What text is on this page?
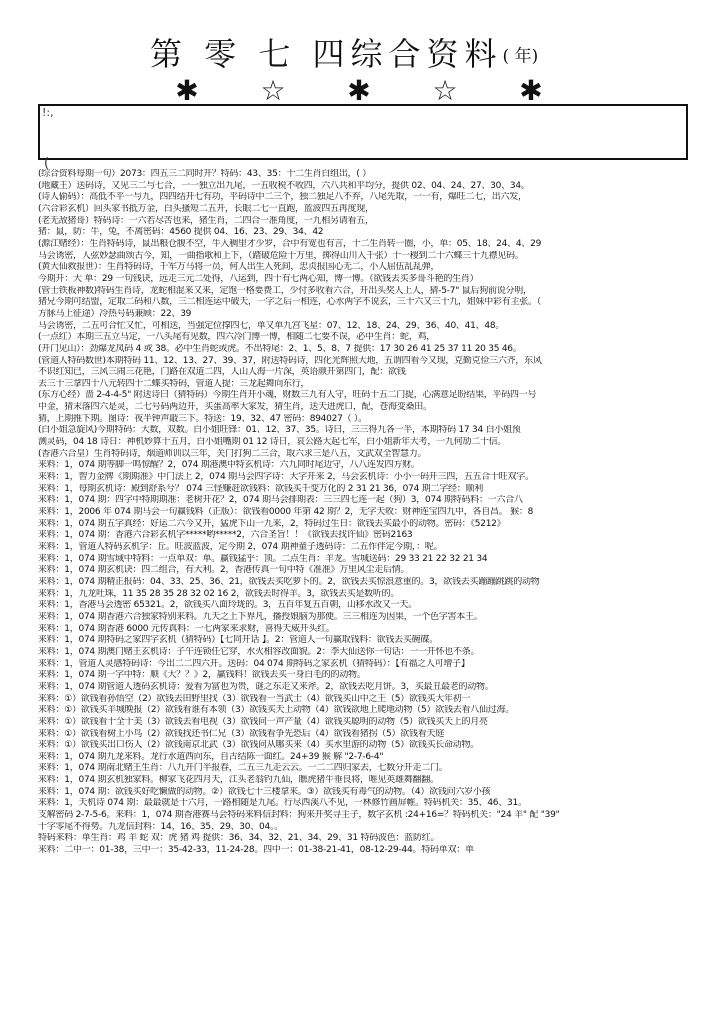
第 零 七 四综合资料( 年)
✱ ☆ ✱ ☆ ✱
!:,
(
(综合资料每期一句）2073：四五三二同时开？特码：43、35：十二生肖白组出，( ）
(地藏王）送码诗，又见三二与七合，一一独立出九尾，一五收税不收四，六八共和平均分，提供 02、04、24、27、30、34。
(诗人偷码）：高低不平一与九，四四结开七有功，平码诗中二三个，独二独足八不弃，八尾先取，一一有，爆旺二七，出六发，
(六合彩玄机）回头家书抵万金，白头搔短二五开，长眼二七一直跑，蓝波四五再度现，
(老无敌猪哥）特码诗：一六若尽苦也来，猪生肖，二四合一准角度，一九相另请看五，
猪：鼠，防：牛，兔，不离密码：4560 提供 04、16、23、29、34、42
(源江赌经）：生肖特码诗，鼠出粮仓腹不空，牛入稠里才少罗，合中有宽也有言，十二生肖转一圈，小，单：05、18、24、4、29
马会诱密，人弦妙瑟曲颂古今，知，一曲指歌和上下，（踏破危险十万里，掷得山川入千张）十一稷到二十六蝶三十九襟见码。
(黄大仙救报世）：生肖特码诗，千军万马将一员，何人出生入死间，忠贞报国心无二，小人屈伍乱乱弹，
今期开：大 单：29 一句钱诀，远走三元二处得，八运到，四十有七两心知，博一博。（欲钱去买多哥斗艳的生肖）
(管士铁板神数)特码生肖诗，龙蛇相混来又来，定饱一格要费工，少付多收看六合，开出头奖人上人，猜-5-7" 鼠后狗前说分明，
猪兄今期可结盟，定取二码和八数，三二相连运中破天，一字之后一相连，心水两字不说玄，三十六又三十九，姐妹中彩有主张。（
方脉马上征途）冷热号码兼顾：22、39
马会诱密，二五可合忙又忙，可相送，当强定位撑四七，单又单九宫飞星：07、12、18、24、29、36、40、41、48。
(一点红）本期三五立马定，一八头尾有见数，四六冷门博一博，相随二七要不误，必中生肖：蛇，鸡，
(开门见山）：劲爆龙凤码 4 或 38。必中生肖蛇或虎。不出特尾：2、1、5、8、7 提供：17 30 26 41 25 37 11 20 35 46。
(管道人特码数世)本期特码 11、12、13、27、39、37，附送特码诗，四化光辉照大地，五谓四看今又现，克勤克俭三六齐，东风
不识红知已，三风三闹三花艳，门路在双道二四，人山人海一片深，英语颜开第四门，配：欲钱
去三十三拿四十八元转四十二蝶买特码，管道人提：三龙起舞向东行，
(东方心经）啬 2-4-4-5" 附送诗曰（猜特码）今期生肖开小魂，财数三九有人守，旺码十五二门捉，心满意足盼结果，平码四一号
中金，猜末落四六是灵，二七号码两边开，买蛋高率大家发，猜生肖，送天进虎口，配，苍海变桑田。
猜，上期推下期。图诗：夜半钟声敲三下。特送：19、32、47 密码：894027（ ）。
(白小姐急旋风)今期特码：大数，双数。白小姐旺锋：01、12、37、35。诗曰，三三得九各一半，本期特码 17 34 白小姐预
测灵码，04 18 诗日：神机妙算十五月，白小姐嘴期 01 12 诗日，哀公路大起七军，白小姐新年大考，一九何劢二十信。
(香港六合皇）生肖特码诗，烟道师训以三年，关门打狗二三合，取六求三是八五，文武双全智慧力。
来料：1，074 期等脚一鸣惊醒？2，074 期港澳中特玄机诗：六九同时尾边守，八八连发四方财。
来料：1，智力金牌《期期准》中门法上 2，074 期马会四字诗：大字开来 2，马会玄机诗：小小一码开三四，五五合十旺双字。
来料：1，每期玄机诗：殿到舒系兮？ 074 三怪赚赶欲钱料：欲钱买千变万化的 2 31 21 36，074 期二字经：顺利
来料：1，074 期：四字中特期期准：老树开花？2，074 期马会排期表：三三四七连一起（狗）3，074 期特码料：一六合八
来料：1，2006 年 074 期马会一句赢钱料（正版）：欲钱看0000 年第 42 期？2，无字天收：财神连宝四九中，各自昌。 猴：8
来料：1，074 期五字真经：好运二六今又开，猛虎下山一九来，2，特码过生日：欲钱去买最小的动物。密码：《5212》
来料：1，074 期：香港六合彩玄机字*****哟*****2，六合圣旨！！《欲钱去找许仙》密码2163
来料：1，管道人特码玄机字：丘。旺波蓝波，定今期 2，074 期神童子透码诗：二五作伴定今期，：呢。
来料：1，074 期雪域中特料：一点单双：单。赢钱猛乎：顶。二点生肖：羊龙。雪城送码：29 33 21 22 32 21 34
来料：1，074 期玄机诀：四二组合，有大利。2，香港传真一句中特《准准》万里风尘走后情。
来料：1，074 期精正报码：04、33、25、36、21，欲钱去买吃萝卜的。2，欲钱去买惊浪意重的。3，欲钱去买蹦蹦跳跳的动物
来料：1，九龙吐珠，11 35 28 35 28 32 02 16 2，欲钱去时得羊。3，欲钱去买是数听的。
来料：1，香港马会透密 65321。2，欲钱买八面玲珑的。3，五百年复五百朝，山移水改又一天。
来料：1，074 期香港六合独家特别来料。九天之上下界凡，播授娘脑为那便。三三相连为因果，一个色字害本王。
来料：1，074 期香港 6000 元传真料：一七两家来求财，喜得天威开头红。
来料：1，074 期特码之家四字玄机（猜特码）【七同开话 】。2：管道人一句赢取钱料：欲钱去买碗碟。
来料：1，074 期澳门赌王玄机诗：子午连锁任它穿，水火相容改面貌。2：李大仙送你一句话：一一开怀也不条。
来料：1，管道人灵感特码诗：今出二二四六开。送码：04 074 期特码之家玄机（猜特码）：【有福之人可增子】
来料：1，074 期一字中特：顺《大？？》2，赢钱料！欲钱去买一身白毛的的动物。
来料：1，074 期管道人透码玄机诗：爱看为富也为贵，谜之东走又来斧。2，欲钱去吃月饼。3，买最丑最老的动物。
来料：①）欲钱看孙悟空（2）欲钱去田野里找（3）欲钱看一当武士（4）欲钱买山中之王（5）欲钱买大年初一
来料：①）欲钱买羊城晚报（2）欲钱看谁有本领（3）欲钱买天上动物（4）欲钱欲地上爬地动物（5）欲钱去看八仙过海。
来料：①）欲钱看十全十美（3）欲钱去看电视（3）欲钱问一声产量（4）欲钱买聪明的动物（5）欲钱买天上的月亮
来料：①）欲钱看树上小鸟（2）欲钱找还书仁兄（3）欲钱看争先恐后（4）欲钱看猪拐（5）欲钱看天庭
来料：①）欲钱买出口伤人（2）欲钱南京北武（3）欲钱问从哪买来（4）买水里游的动物（5）欲钱买长命动物。
来料：1，074 期九龙来料。龙行水道西向东，自古结陈一面红。24+39 猴 解 "2-7-6-4"
来料：1，074 期南北赌王生肖：八九开门半报春，二五三九走云云。一二二四归家去，七数分开走二门。
来料：1，074 期玄机独家料。柳家飞花四月天，江头老翁钓九仙，瞧虎猪牛垂良将，唯见英雄舞翻翻。
来料：1，074 期：欲钱买好吃懒做的动物。②）欲钱七十三楼拿来。③）欲钱买有毒气的动物。（4）欲钱问六岁小孩
来料：1，天机诗 074 期：最最就是十六月，一路相随是九尾。行尽西溪八不见，一林修竹画屏帷。特码机关：35、46、31。
支解密码 2-7-5-6。来料：1，074 期香港赛马会特码来料信封料：狗来开奖寻主子，数字玄机 :24+16=？特码机关："24 羊" 配 "39"
十字零尾不得势。九龙信封料：14、16、35、29、30、04。。
特码来料：单生肖：鸡 羊 蛇 双：虎 猪 鸡 提供：36、34、32、21、34、29、31 特码波色：蓝防红。
来料：二中一：01-38，三中一：35-42-33，11-24-28。四中一：01-38-21-41，08-12-29-44。特码单双：单
